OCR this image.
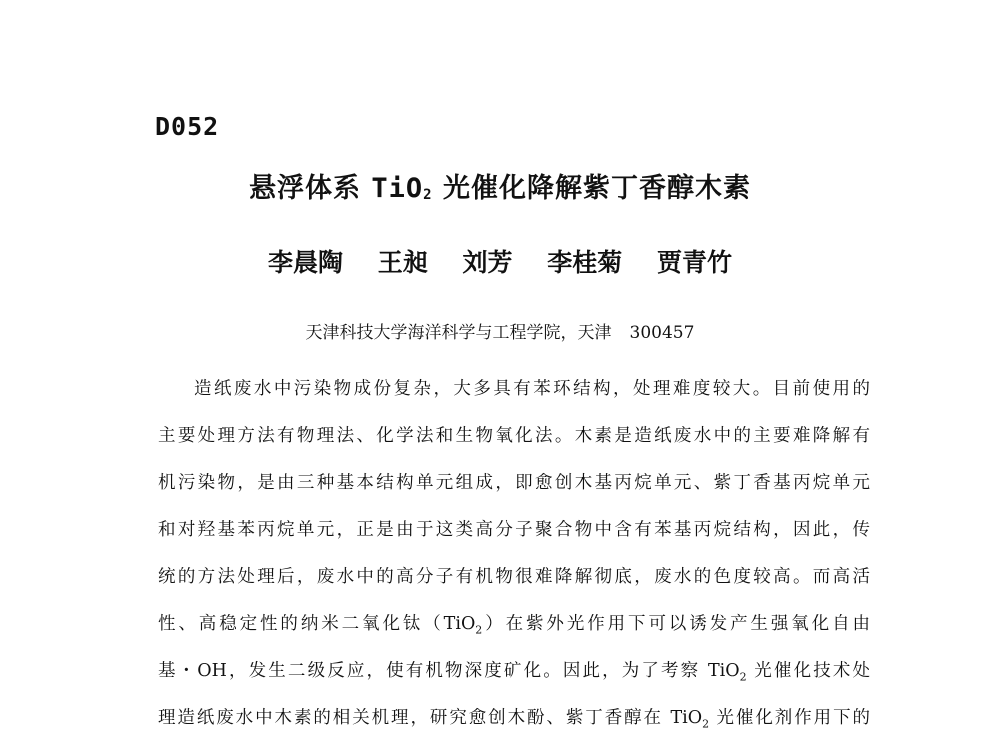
D052
悬浮体系 TiO$_2$ 光催化降解紫丁香醇木素
李晨陶 王昶 刘芳 李桂菊 贾青竹
天津科技大学海洋科学与工程学院，天津 300457
造纸废水中污染物成份复杂，大多具有苯环结构，处理难度较大。目前使用的
主要处理方法有物理法、化学法和生物氧化法。木素是造纸废水中的主要难降解有
机污染物，是由三种基本结构单元组成，即愈创木基丙烷单元、紫丁香基丙烷单元
和对羟基苯丙烷单元，正是由于这类高分子聚合物中含有苯基丙烷结构，因此，传
统的方法处理后，废水中的高分子有机物很难降解彻底，废水的色度较高。而高活
性、高稳定性的纳米二氧化钛（TiO$_2$）在紫外光作用下可以诱发产生强氧化自由
基・OH，发生二级反应，使有机物深度矿化。因此，为了考察 TiO$_2$ 光催化技术处
理造纸废水中木素的相关机理，研究愈创木酚、紫丁香醇在 TiO$_2$ 光催化剂作用下的
